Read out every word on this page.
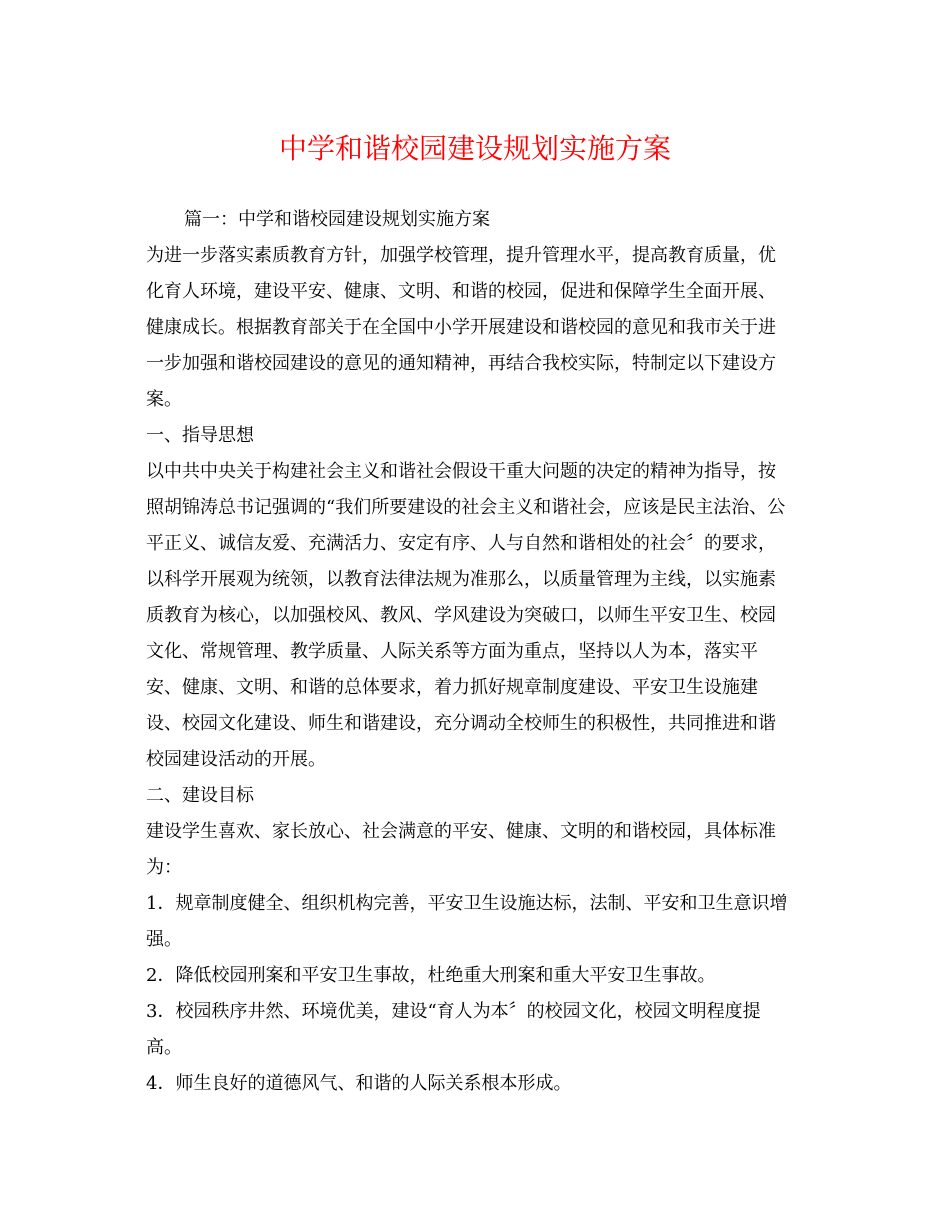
中学和谐校园建设规划实施方案
篇一：中学和谐校园建设规划实施方案
为进一步落实素质教育方针，加强学校管理，提升管理水平，提高教育质量，优
化育人环境，建设平安、健康、文明、和谐的校园，促进和保障学生全面开展、
健康成长。根据教育部关于在全国中小学开展建设和谐校园的意见和我市关于进
一步加强和谐校园建设的意见的通知精神，再结合我校实际，特制定以下建设方
案。
一、指导思想
以中共中央关于构建社会主义和谐社会假设干重大问题的决定的精神为指导，按
照胡锦涛总书记强调的“我们所要建设的社会主义和谐社会，应该是民主法治、公
平正义、诚信友爱、充满活力、安定有序、人与自然和谐相处的社会〞的要求，
以科学开展观为统领，以教育法律法规为准那么，以质量管理为主线，以实施素
质教育为核心，以加强校风、教风、学风建设为突破口，以师生平安卫生、校园
文化、常规管理、教学质量、人际关系等方面为重点，坚持以人为本，落实平
安、健康、文明、和谐的总体要求，着力抓好规章制度建设、平安卫生设施建
设、校园文化建设、师生和谐建设，充分调动全校师生的积极性，共同推进和谐
校园建设活动的开展。
二、建设目标
建设学生喜欢、家长放心、社会满意的平安、健康、文明的和谐校园，具体标准
为：
1．规章制度健全、组织机构完善，平安卫生设施达标，法制、平安和卫生意识增
强。
2．降低校园刑案和平安卫生事故，杜绝重大刑案和重大平安卫生事故。
3．校园秩序井然、环境优美，建设“育人为本〞的校园文化，校园文明程度提
高。
4．师生良好的道德风气、和谐的人际关系根本形成。
